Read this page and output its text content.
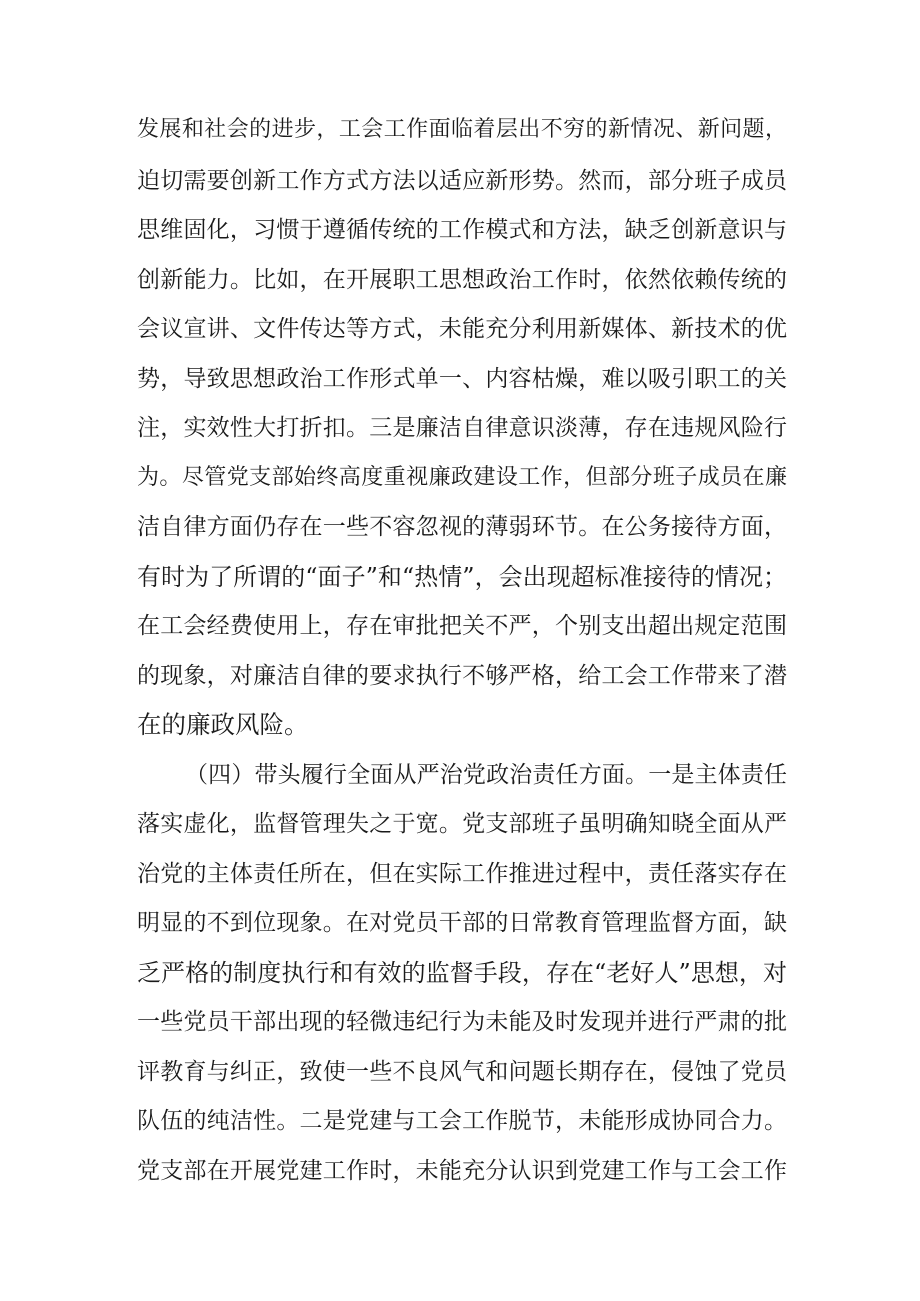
发展和社会的进步，工会工作面临着层出不穷的新情况、新问题，
迫切需要创新工作方式方法以适应新形势。然而，部分班子成员
思维固化，习惯于遵循传统的工作模式和方法，缺乏创新意识与
创新能力。比如，在开展职工思想政治工作时，依然依赖传统的
会议宣讲、文件传达等方式，未能充分利用新媒体、新技术的优
势，导致思想政治工作形式单一、内容枯燥，难以吸引职工的关
注，实效性大打折扣。三是廉洁自律意识淡薄，存在违规风险行
为。尽管党支部始终高度重视廉政建设工作，但部分班子成员在廉
洁自律方面仍存在一些不容忽视的薄弱环节。在公务接待方面，
有时为了所谓的“面子”和“热情”，会出现超标准接待的情况；
在工会经费使用上，存在审批把关不严，个别支出超出规定范围
的现象，对廉洁自律的要求执行不够严格，给工会工作带来了潜
在的廉政风险。
（四）带头履行全面从严治党政治责任方面。一是主体责任
落实虚化，监督管理失之于宽。党支部班子虽明确知晓全面从严
治党的主体责任所在，但在实际工作推进过程中，责任落实存在
明显的不到位现象。在对党员干部的日常教育管理监督方面，缺
乏严格的制度执行和有效的监督手段，存在“老好人”思想，对
一些党员干部出现的轻微违纪行为未能及时发现并进行严肃的批
评教育与纠正，致使一些不良风气和问题长期存在，侵蚀了党员
队伍的纯洁性。二是党建与工会工作脱节，未能形成协同合力。
党支部在开展党建工作时，未能充分认识到党建工作与工会工作
